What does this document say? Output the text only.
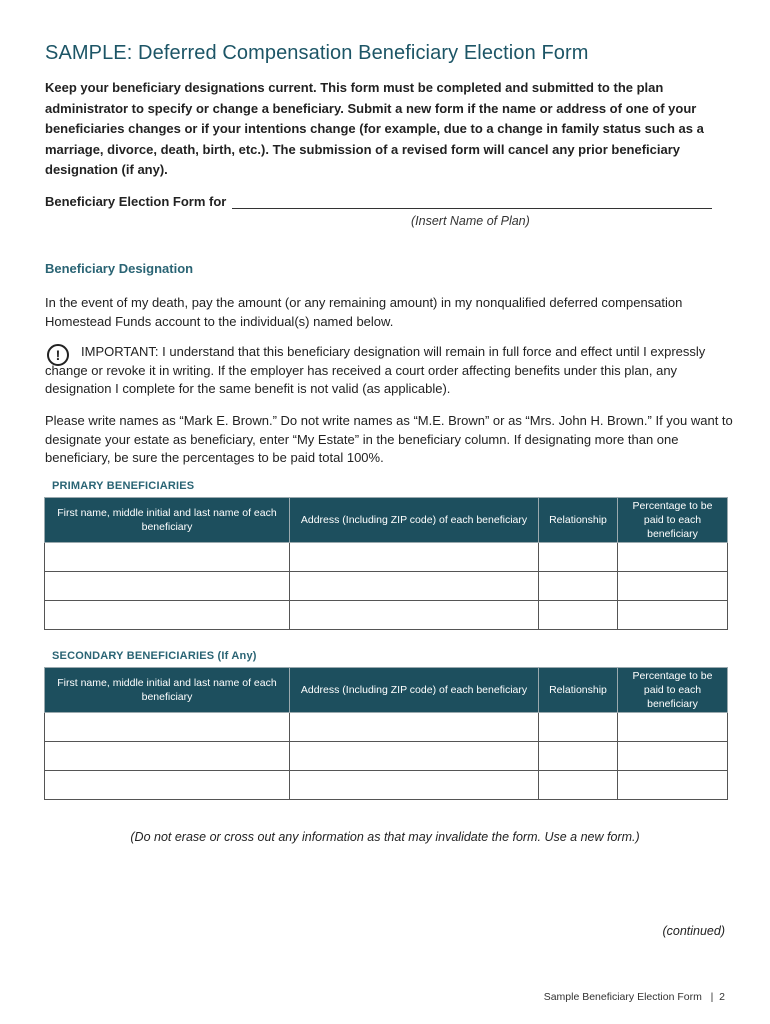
SAMPLE: Deferred Compensation Beneficiary Election Form

Keep your beneficiary designations current. This form must be completed and submitted to the plan administrator to specify or change a beneficiary. Submit a new form if the name or address of one of your beneficiaries changes or if your intentions change (for example, due to a change in family status such as a marriage, divorce, death, birth, etc.). The submission of a revised form will cancel any prior beneficiary designation (if any).

Beneficiary Election Form for
(Insert Name of Plan)
Beneficiary Designation

In the event of my death, pay the amount (or any remaining amount) in my nonqualified deferred compensation Homestead Funds account to the individual(s) named below.

!	IMPORTANT: I understand that this beneficiary designation will remain in full force and effect until I expressly change or revoke it in writing. If the employer has received a court order affecting benefits under this plan, any designation I complete for the same benefit is not valid (as applicable).

Please write names as “Mark E. Brown.” Do not write names as “M.E. Brown” or as “Mrs. John H. Brown.” If you want to designate your estate as beneficiary, enter “My Estate” in the beneficiary column. If designating more than one beneficiary, be sure the percentages to be paid total 100%.

PRIMARY BENEFICIARIES
First name, middle initial and last name of each beneficiary	Address (Including ZIP code) of each beneficiary	Relationship	Percentage to be paid to each beneficiary

SECONDARY BENEFICIARIES (If Any)
First name, middle initial and last name of each beneficiary	Address (Including ZIP code) of each beneficiary	Relationship	Percentage to be paid to each beneficiary

(Do not erase or cross out any information as that may invalidate the form. Use a new form.)
(continued)
Sample Beneficiary Election Form   |  2
